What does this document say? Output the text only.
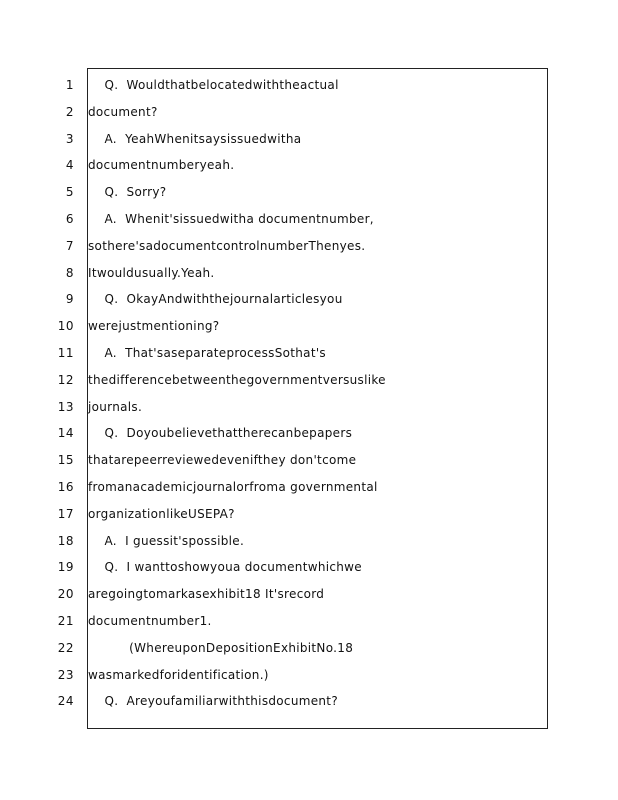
1
2
3
4
5
6
7
8
9
10
11
12
13
14
15
16
17
18
19
20
21
22
23
24
Q.  Wouldthatbelocatedwiththeactual
document?
A.  YeahWhenitsaysissuedwitha
documentnumberyeah.
Q.  Sorry?
A.  Whenit'sissuedwitha documentnumber,
sothere'sadocumentcontrolnumberThenyes.
Itwouldusually.Yeah.
Q.  OkayAndwiththejournalarticlesyou
werejustmentioning?
A.  That'saseparateprocessSothat's
thedifferencebetweenthegovernmentversuslike
journals.
Q.  Doyoubelievethattherecanbepapers
thatarepeerreviewedevenifthey don'tcome
fromanacademicjournalorfroma governmental
organizationlikeUSEPA?
A.  I guessit'spossible.
Q.  I wanttoshowyoua documentwhichwe
aregoingtomarkasexhibit18 It'srecord
documentnumber1.
(WhereuponDepositionExhibitNo.18
wasmarkedforidentification.)
Q.  Areyoufamiliarwiththisdocument?
